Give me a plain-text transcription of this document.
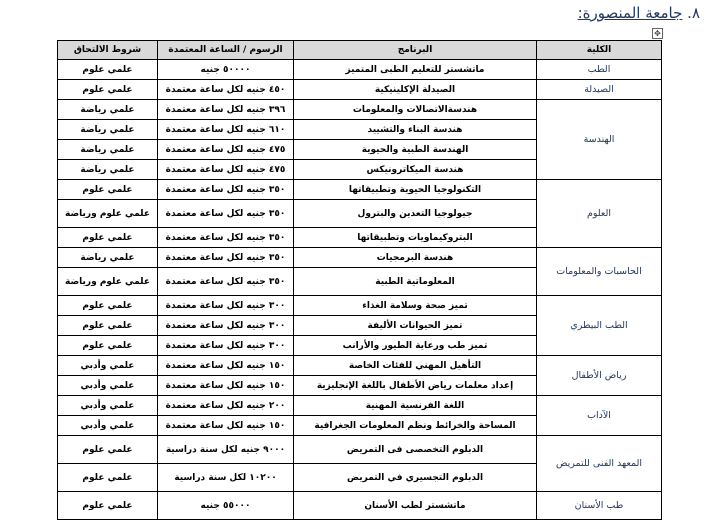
٨. جامعة المنصورة:
✥
الكلية	البرنامج	الرسوم / الساعة المعتمدة	شروط الالتحاق
الطب	ماتشستر للتعليم الطبى المتميز	٥٠٠٠٠ جنيه	علمي علوم
الصيدلة	الصيدلة الإكلينيكية	٤٥٠ جنيه لكل ساعة معتمدة	علمي علوم
الهندسة	هندسةالاتصالات والمعلومات	٣٩٦ جنيه لكل ساعة معتمدة	علمي رياضة
	هندسة البناء والتشييد	٦١٠ جنيه لكل ساعة معتمدة	علمي رياضة
	الهندسة الطبية والحيوية	٤٧٥ جنيه لكل ساعة معتمدة	علمي رياضة
	هندسة الميكاترونيكس	٤٧٥ جنيه لكل ساعة معتمدة	علمي رياضة
العلوم	التكنولوجيا الحيوية وتطبيقاتها	٣٥٠ جنيه لكل ساعة معتمدة	علمي علوم
	جيولوجيا التعدين والبترول	٣٥٠ جنيه لكل ساعة معتمدة	علمي علوم ورياضة
	البتروكيماويات وتطبيقاتها	٣٥٠ جنيه لكل ساعة معتمدة	علمي علوم
الحاسبات والمعلومات	هندسة البرمجيات	٣٥٠ جنيه لكل ساعة معتمدة	علمي رياضة
	المعلوماتية الطبية	٣٥٠ جنيه لكل ساعة معتمدة	علمي علوم ورياضة
الطب البيطري	تميز صحة وسلامة الغذاء	٣٠٠ جنيه لكل ساعة معتمدة	علمي علوم
	تميز الحيوانات الأليفة	٣٠٠ جنيه لكل ساعة معتمدة	علمي علوم
	تميز طب ورعاية الطيور والأرانب	٣٠٠ جنيه لكل ساعة معتمدة	علمي علوم
رياض الأطفال	التأهيل المهني للفئات الخاصة	١٥٠ جنيه لكل ساعة معتمدة	علمي وأدبي
	إعداد معلمات رياض الأطفال باللغة الإنجليزية	١٥٠ جنيه لكل ساعة معتمدة	علمي وأدبي
الآداب	اللغة الفرنسية المهنية	٢٠٠ جنيه لكل ساعة معتمدة	علمي وأدبي
	المساحة والخرائط ونظم المعلومات الجغرافية	١٥٠ جنيه لكل ساعة معتمدة	علمي وأدبي
المعهد الفنى للتمريض	الدبلوم التخصصى فى التمريض	٩٠٠٠ جنيه لكل سنة دراسية	علمي علوم
	الدبلوم التجسيري في التمريض	١٠٢٠٠ لكل سنة دراسية	علمي علوم
طب الأسنان	ماتشستر لطب الأسنان	٥٥٠٠٠ جنيه	علمي علوم
